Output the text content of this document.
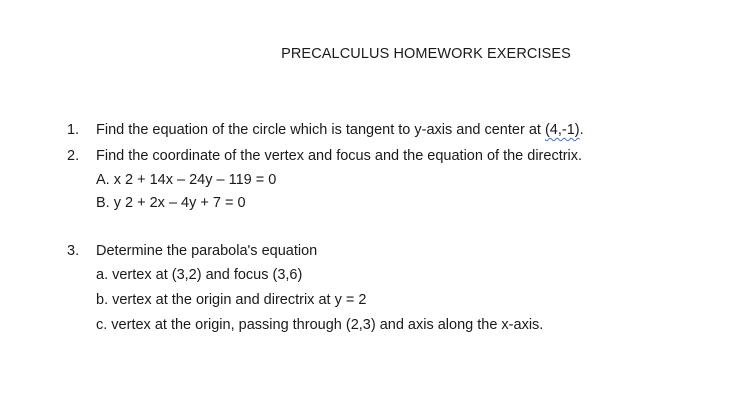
PRECALCULUS HOMEWORK EXERCISES
1. Find the equation of the circle which is tangent to y-axis and center at (4,-1).
2. Find the coordinate of the vertex and focus and the equation of the directrix.
A. x 2 + 14x – 24y – 119 = 0
B. y 2 + 2x – 4y + 7 = 0
3. Determine the parabola's equation
a. vertex at (3,2) and focus (3,6)
b. vertex at the origin and directrix at y = 2
c. vertex at the origin, passing through (2,3) and axis along the x-axis.
